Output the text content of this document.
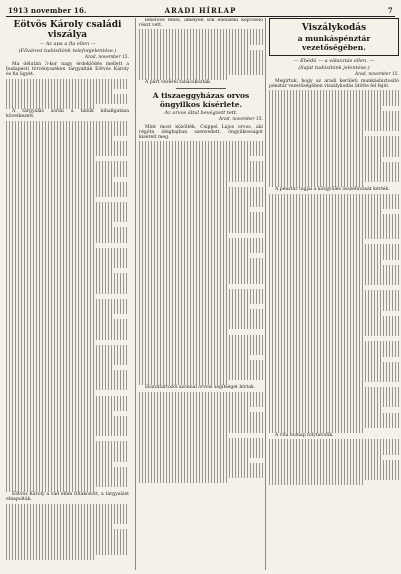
1913 november 16.	ARADI HÍRLAP	7
Eötvös Károly családi viszálya
— Az apa a fia ellen —
(Fővárosi tudósítónk telefonjelentése.)
Arad, november 15.

Ma délután 3-kor nagy érdeklődés mellett a budapesti törvényszéken tárgyalták Eötvös Károly és fia ügyét.

A tárgyalás során a tanúk kihallgatása következett.

Eötvös Károly a vád ellen tiltakozott, a tárgyalást elnapolták.

lehetővé tenni, amelyen sok ellenzéki képviselő részt vett.

A párt vezérei tanácskoztak.

A tiszaeggyházas orvos öngyilkos kísérlete.
Az orvos által bevégzett tett.
Arad, november 15.

Mint most közölték, Csippel Lajos orvos, aki régóta idegbajban szenvedett, öngyilkosságot kísérelt meg.

Hozzátartozói azonnal orvosi segítséget hívtak.

Viszálykodás
a munkáspénztár vezetőségében.
— Ebédü — a választás ellen. —
(Saját tudósítónk jelentése.)
Arad, november 15.

Megírtuk, hogy az aradi kerületi munkásbiztosító pénztár vezetőségében viszálykodás ütötte fel fejét.

A pénztár tagjai a közgyűlés összehívását kérték.

A vita holnap folytatódik.
